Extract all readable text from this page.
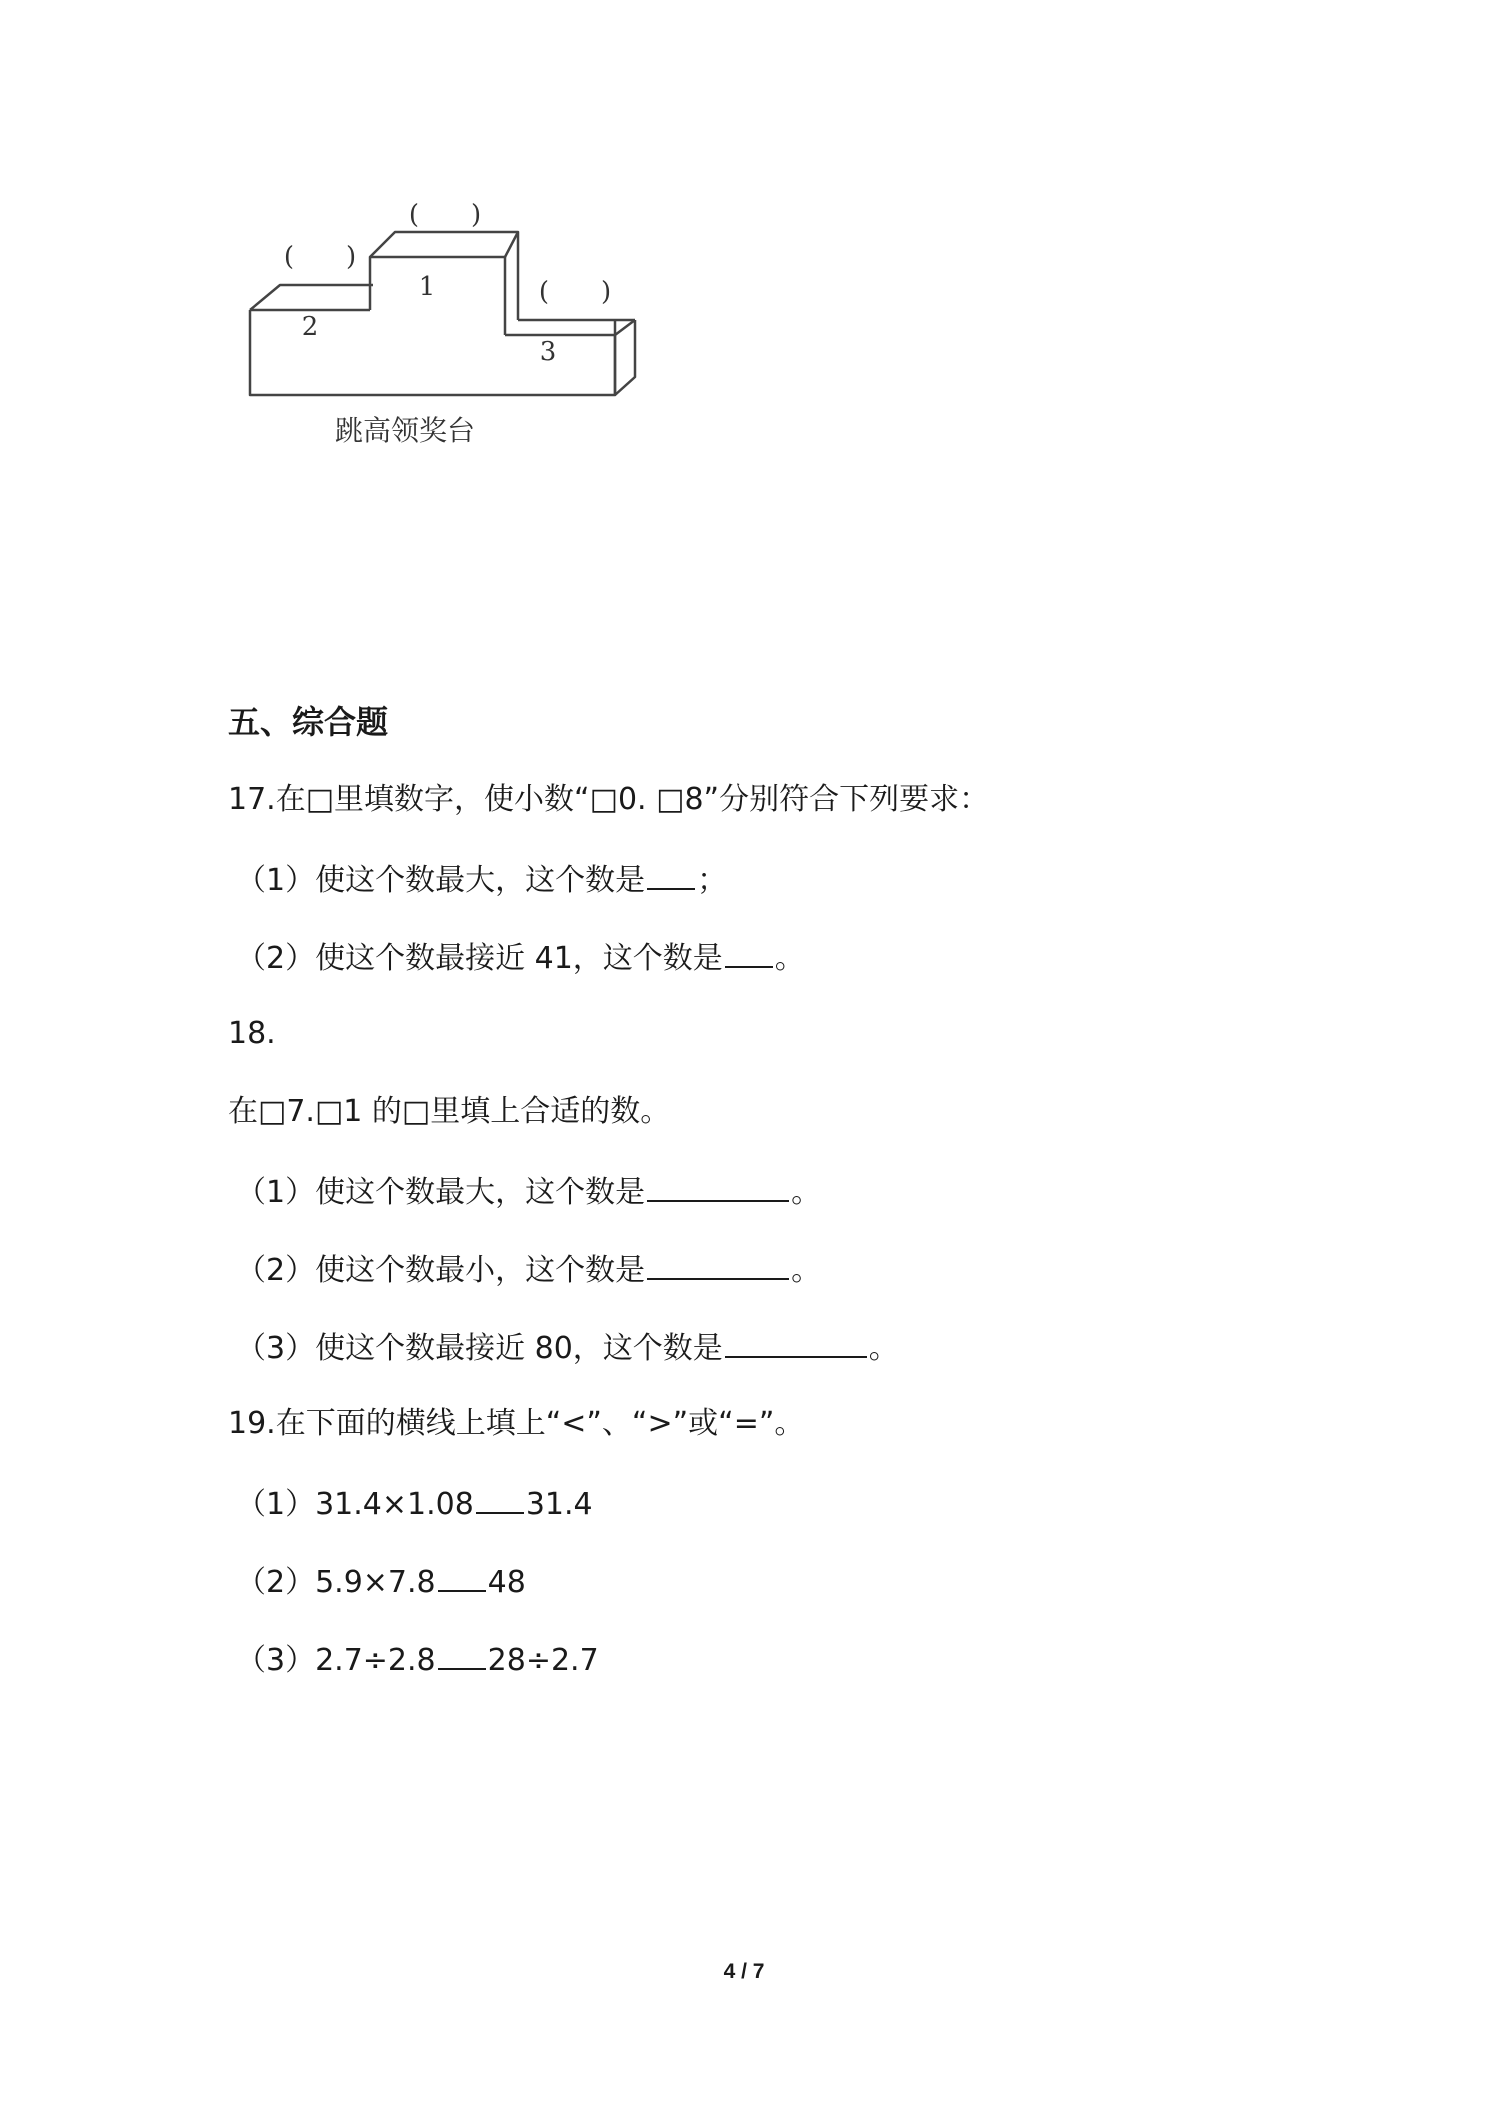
1
2
3
(　　)
(　　)
(　　)
跳高领奖台
五、综合题
17.在□里填数字，使小数“□0. □8”分别符合下列要求：
（1）使这个数最大，这个数是 ；
（2）使这个数最接近 41，这个数是 。
18.
在□7.□1 的□里填上合适的数。
（1）使这个数最大，这个数是	。
（2）使这个数最小，这个数是	。
（3）使这个数最接近 80，这个数是	。
19.在下面的横线上填上“<”、“>”或“=”。
（1）31.4×1.08 31.4
（2）5.9×7.8 48
（3）2.7÷2.8 28÷2.7
4 / 7
